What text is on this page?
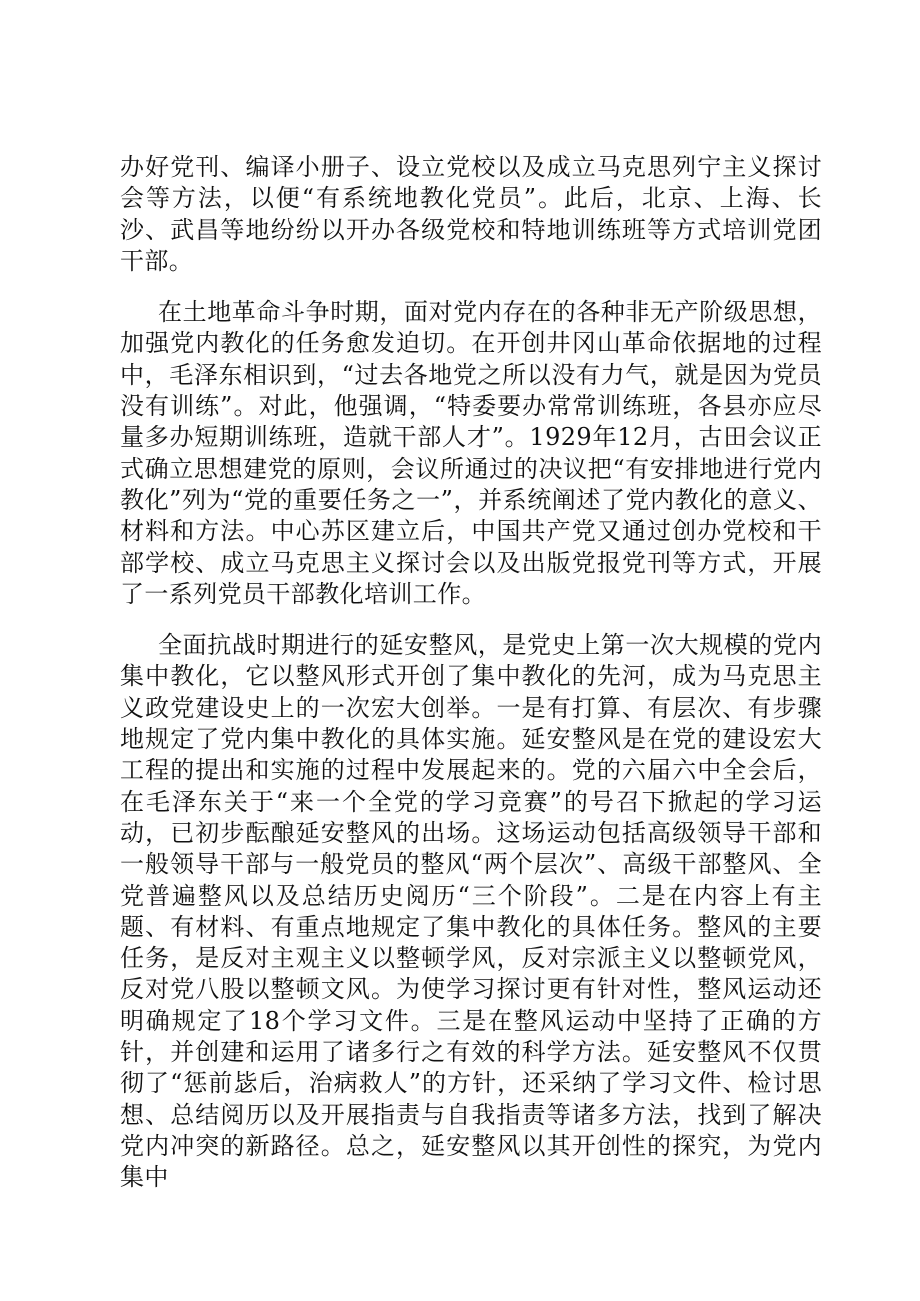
办好党刊、编译小册子、设立党校以及成立马克思列宁主义探讨会等方法，以便“有系统地教化党员”。此后，北京、上海、长沙、武昌等地纷纷以开办各级党校和特地训练班等方式培训党团干部。

在土地革命斗争时期，面对党内存在的各种非无产阶级思想，加强党内教化的任务愈发迫切。在开创井冈山革命依据地的过程中，毛泽东相识到，“过去各地党之所以没有力气，就是因为党员没有训练”。对此，他强调，“特委要办常常训练班，各县亦应尽量多办短期训练班，造就干部人才”。1929年12月，古田会议正式确立思想建党的原则，会议所通过的决议把“有安排地进行党内教化”列为“党的重要任务之一”，并系统阐述了党内教化的意义、材料和方法。中心苏区建立后，中国共产党又通过创办党校和干部学校、成立马克思主义探讨会以及出版党报党刊等方式，开展了一系列党员干部教化培训工作。

全面抗战时期进行的延安整风，是党史上第一次大规模的党内集中教化，它以整风形式开创了集中教化的先河，成为马克思主义政党建设史上的一次宏大创举。一是有打算、有层次、有步骤地规定了党内集中教化的具体实施。延安整风是在党的建设宏大工程的提出和实施的过程中发展起来的。党的六届六中全会后，在毛泽东关于“来一个全党的学习竞赛”的号召下掀起的学习运动，已初步酝酿延安整风的出场。这场运动包括高级领导干部和一般领导干部与一般党员的整风“两个层次”、高级干部整风、全党普遍整风以及总结历史阅历“三个阶段”。二是在内容上有主题、有材料、有重点地规定了集中教化的具体任务。整风的主要任务，是反对主观主义以整顿学风，反对宗派主义以整顿党风，反对党八股以整顿文风。为使学习探讨更有针对性，整风运动还明确规定了18个学习文件。三是在整风运动中坚持了正确的方针，并创建和运用了诸多行之有效的科学方法。延安整风不仅贯彻了“惩前毖后，治病救人”的方针，还采纳了学习文件、检讨思想、总结阅历以及开展指责与自我指责等诸多方法，找到了解决党内冲突的新路径。总之，延安整风以其开创性的探究，为党内集中
